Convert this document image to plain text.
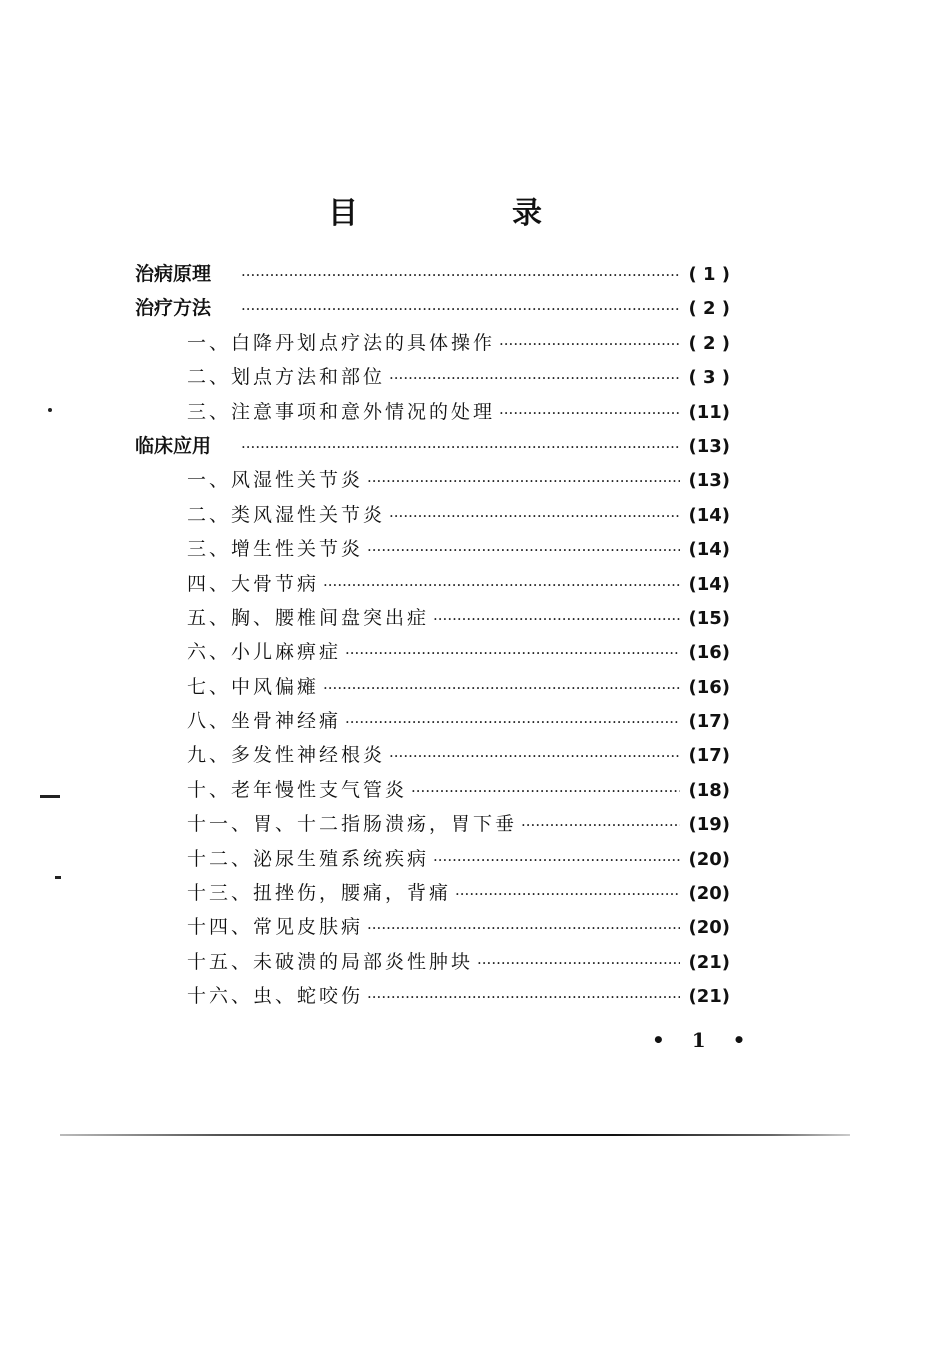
目　录
治病原理 ·····	( 1 )
治疗方法 ·····	( 2 )
一、白降丹划点疗法的具体操作 ·····	( 2 )
二、划点方法和部位 ·····	( 3 )
三、注意事项和意外情况的处理 ·····	(11)
临床应用 ·····	(13)
一、风湿性关节炎 ·····	(13)
二、类风湿性关节炎 ·····	(14)
三、增生性关节炎 ·····	(14)
四、大骨节病 ·····	(14)
五、胸、腰椎间盘突出症 ·····	(15)
六、小儿麻痹症 ·····	(16)
七、中风偏瘫 ·····	(16)
八、坐骨神经痛 ·····	(17)
九、多发性神经根炎 ·····	(17)
十、老年慢性支气管炎 ·····	(18)
十一、胃、十二指肠溃疡，胃下垂 ·····	(19)
十二、泌尿生殖系统疾病 ·····	(20)
十三、扭挫伤，腰痛，背痛 ·····	(20)
十四、常见皮肤病 ·····	(20)
十五、未破溃的局部炎性肿块 ·····	(21)
十六、虫、蛇咬伤 ·····	(21)
• 1 •
